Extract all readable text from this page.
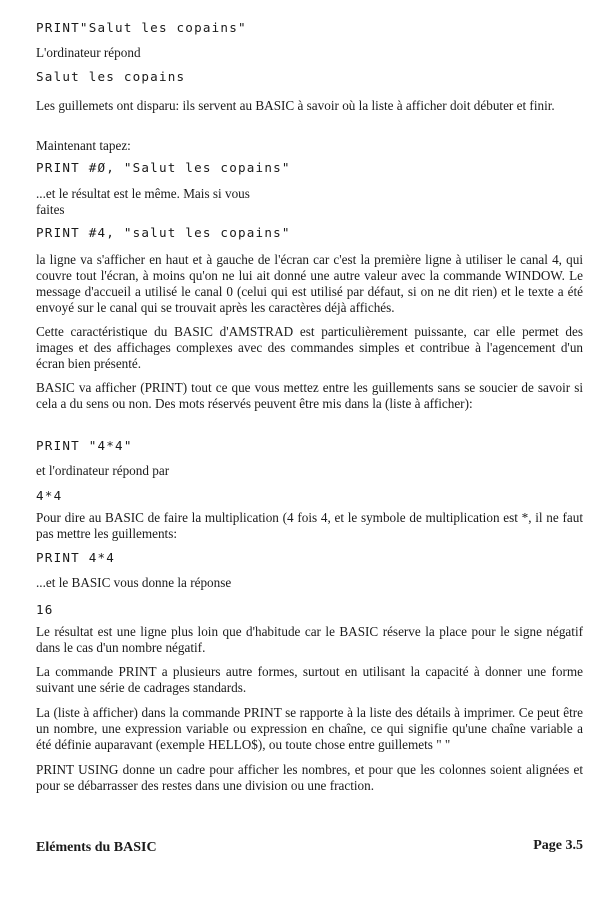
PRINT"Salut les copains"
L'ordinateur répond
Salut les copains
Les guillemets ont disparu: ils servent au BASIC à savoir où la liste à afficher doit débuter et finir.
Maintenant tapez:
PRINT #Ø, "Salut les copains"
...et le résultat est le même. Mais si vous faites
PRINT #4, "salut les copains"
la ligne va s'afficher en haut et à gauche de l'écran car c'est la première ligne à utiliser le canal 4, qui couvre tout l'écran, à moins qu'on ne lui ait donné une autre valeur avec la commande WINDOW. Le message d'accueil a utilisé le canal 0 (celui qui est utilisé par défaut, si on ne dit rien) et le texte a été envoyé sur le canal qui se trouvait après les caractères déjà affichés.
Cette caractéristique du BASIC d'AMSTRAD est particulièrement puissante, car elle permet des images et des affichages complexes avec des commandes simples et contribue à l'agencement d'un écran bien présenté.
BASIC va afficher (PRINT) tout ce que vous mettez entre les guillements sans se soucier de savoir si cela a du sens ou non. Des mots réservés peuvent être mis dans la (liste à afficher):
PRINT "4*4"
et l'ordinateur répond par
4*4
Pour dire au BASIC de faire la multiplication (4 fois 4, et le symbole de multiplication est *, il ne faut pas mettre les guillements:
PRINT 4*4
...et le BASIC vous donne la réponse
16
Le résultat est une ligne plus loin que d'habitude car le BASIC réserve la place pour le signe négatif dans le cas d'un nombre négatif.
La commande PRINT a plusieurs autre formes, surtout en utilisant la capacité à donner une forme suivant une série de cadrages standards.
La (liste à afficher) dans la commande PRINT se rapporte à la liste des détails à imprimer. Ce peut être un nombre, une expression variable ou expression en chaîne, ce qui signifie qu'une chaîne variable a été définie auparavant (exemple HELLO$), ou toute chose entre guillemets " "
PRINT USING donne un cadre pour afficher les nombres, et pour que les colonnes soient alignées et pour se débarrasser des restes dans une division ou une fraction.
Eléments du BASIC	Page 3.5
